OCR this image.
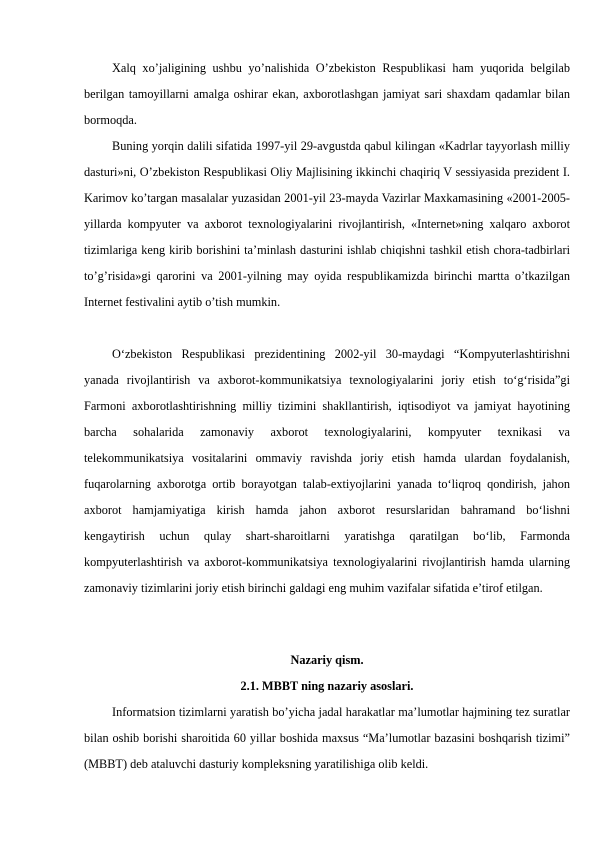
Xalq xo’jaligining ushbu yo’nalishida O’zbekiston Respublikasi ham yuqorida belgilab berilgan tamoyillarni amalga oshirar ekan, axborotlashgan jamiyat sari shaxdam qadamlar bilan bormoqda.

Buning yorqin dalili sifatida 1997-yil 29-avgustda qabul kilingan «Kadrlar tayyorlash milliy dasturi»ni, O’zbekiston Respublikasi Oliy Majlisining ikkinchi chaqiriq V sessiyasida prezident I. Karimov ko’targan masalalar yuzasidan 2001-yil 23-mayda Vazirlar Maxkamasining «2001-2005-yillarda kompyuter va axborot texnologiyalarini rivojlantirish, «Internet»ning xalqaro axborot tizimlariga keng kirib borishini ta’minlash dasturini ishlab chiqishni tashkil etish chora-tadbirlari to’g’risida»gi qarorini va 2001-yilning may oyida respublikamizda birinchi martta o’tkazilgan Internet festivalini aytib o’tish mumkin.

O‘zbekiston Respublikasi prezidentining 2002-yil 30-maydagi “Kompyuterlashtirishni yanada rivojlantirish va axborot-kommunikatsiya texnologiyalarini joriy etish to‘g‘risida”gi Farmoni axborotlashtirishning milliy tizimini shakllantirish, iqtisodiyot va jamiyat hayotining barcha sohalarida zamonaviy axborot texnologiyalarini, kompyuter texnikasi va telekommunikatsiya vositalarini ommaviy ravishda joriy etish hamda ulardan foydalanish, fuqarolarning axborotga ortib borayotgan talab-extiyojlarini yanada to‘liqroq qondirish, jahon axborot hamjamiyatiga kirish hamda jahon axborot resurslaridan bahramand bo‘lishni kengaytirish uchun qulay shart-sharoitlarni yaratishga qaratilgan bo‘lib, Farmonda kompyuterlashtirish va axborot-kommunikatsiya texnologiyalarini rivojlantirish hamda ularning zamonaviy tizimlarini joriy etish birinchi galdagi eng muhim vazifalar sifatida e’tirof etilgan.

Nazariy qism.

2.1. MBBT ning nazariy asoslari.

Informatsion tizimlarni yaratish bo’yicha jadal harakatlar ma’lumotlar hajmining tez suratlar bilan oshib borishi sharoitida 60 yillar boshida maxsus “Ma’lumotlar bazasini boshqarish tizimi” (MBBT) deb ataluvchi dasturiy kompleksning yaratilishiga olib keldi.
